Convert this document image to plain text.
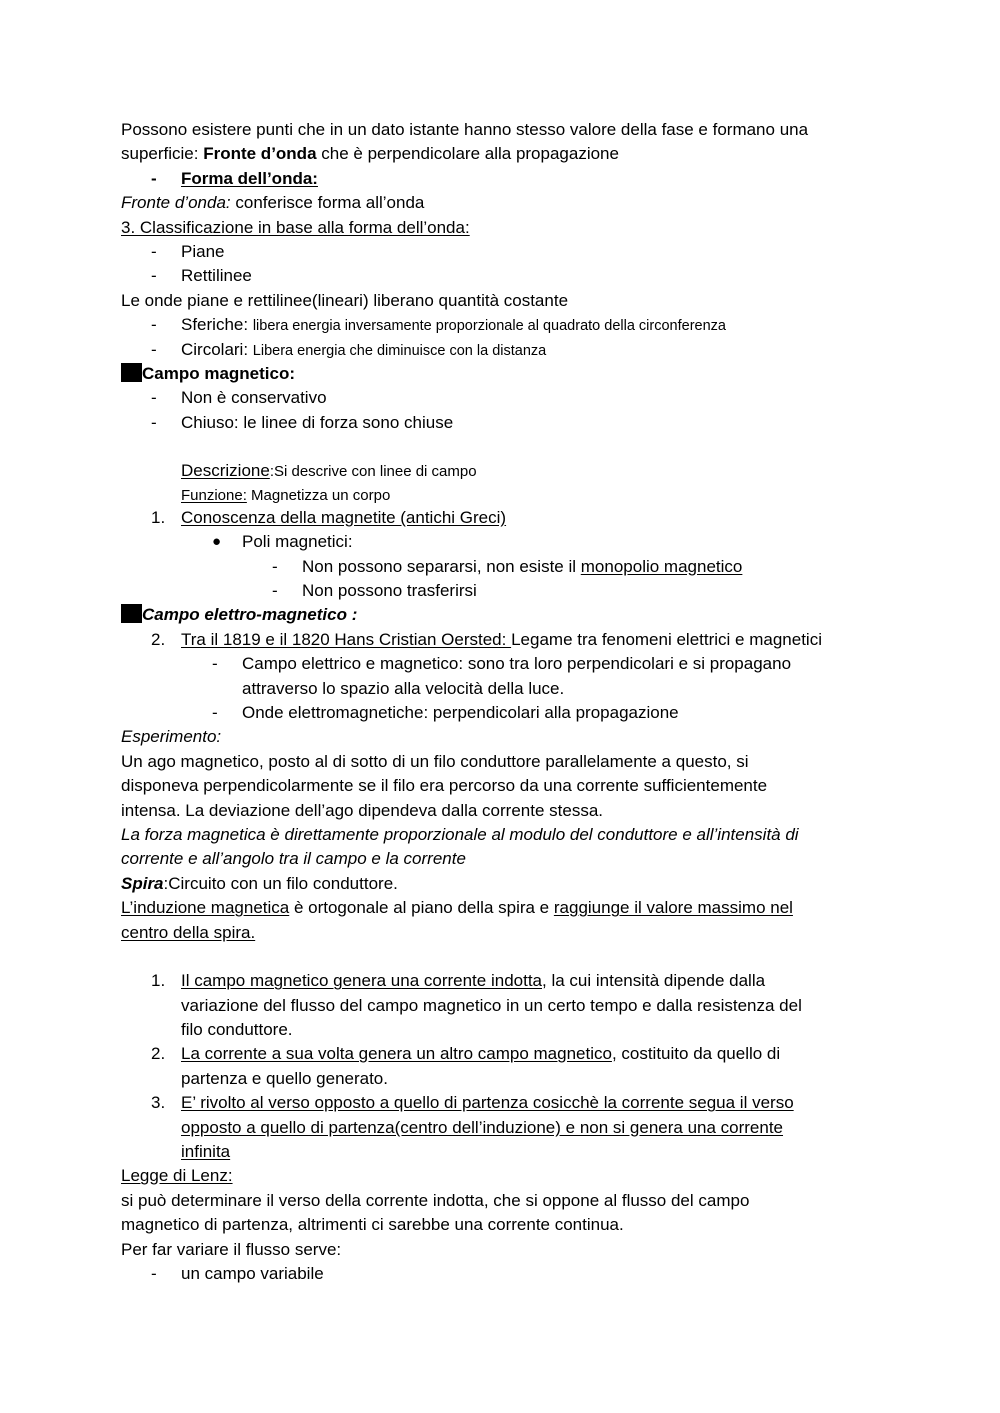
Possono esistere punti che in un dato istante hanno stesso valore della fase e formano una
superficie: Fronte d’onda che è perpendicolare alla propagazione
- Forma dell’onda:
Fronte d’onda: conferisce forma all’onda
3. Classificazione in base alla forma dell’onda:
- Piane
- Rettilinee
Le onde piane e rettilinee(lineari) liberano quantità costante
- Sferiche: libera energia inversamente proporzionale al quadrato della circonferenza
- Circolari: Libera energia che diminuisce con la distanza
Campo magnetico:
- Non è conservativo
- Chiuso: le linee di forza sono chiuse
Descrizione:Si descrive con linee di campo
Funzione: Magnetizza un corpo
1. Conoscenza della magnetite (antichi Greci)
● Poli magnetici:
- Non possono separarsi, non esiste il monopolio magnetico
- Non possono trasferirsi
Campo elettro-magnetico :
2. Tra il 1819 e il 1820 Hans Cristian Oersted: Legame tra fenomeni elettrici e magnetici
- Campo elettrico e magnetico: sono tra loro perpendicolari e si propagano
attraverso lo spazio alla velocità della luce.
- Onde elettromagnetiche: perpendicolari alla propagazione
Esperimento:
Un ago magnetico, posto al di sotto di un filo conduttore parallelamente a questo, si
disponeva perpendicolarmente se il filo era percorso da una corrente sufficientemente
intensa. La deviazione dell’ago dipendeva dalla corrente stessa.
La forza magnetica è direttamente proporzionale al modulo del conduttore e all’intensità di
corrente e all’angolo tra il campo e la corrente
Spira:Circuito con un filo conduttore.
L’induzione magnetica è ortogonale al piano della spira e raggiunge il valore massimo nel
centro della spira.
1. Il campo magnetico genera una corrente indotta, la cui intensità dipende dalla
variazione del flusso del campo magnetico in un certo tempo e dalla resistenza del
filo conduttore.
2. La corrente a sua volta genera un altro campo magnetico, costituito da quello di
partenza e quello generato.
3. E’ rivolto al verso opposto a quello di partenza cosicchè la corrente segua il verso
opposto a quello di partenza(centro dell’induzione) e non si genera una corrente
infinita
Legge di Lenz:
si può determinare il verso della corrente indotta, che si oppone al flusso del campo
magnetico di partenza, altrimenti ci sarebbe una corrente continua.
Per far variare il flusso serve:
- un campo variabile
